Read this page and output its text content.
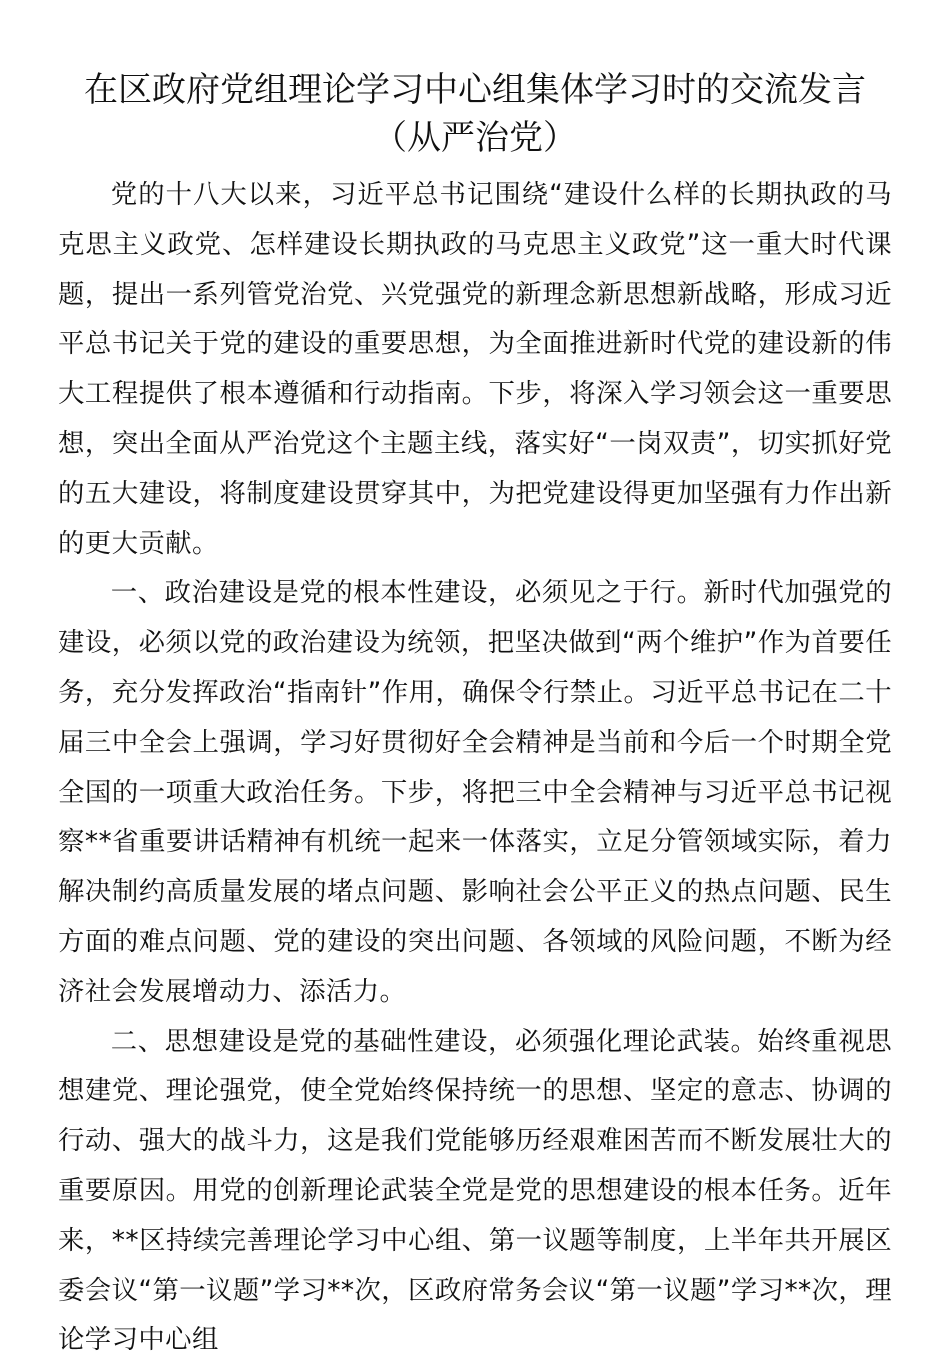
在区政府党组理论学习中心组集体学习时的交流发言
（从严治党）

党的十八大以来，习近平总书记围绕“建设什么样的长期执政的马克思主义政党、怎样建设长期执政的马克思主义政党”这一重大时代课题，提出一系列管党治党、兴党强党的新理念新思想新战略，形成习近平总书记关于党的建设的重要思想，为全面推进新时代党的建设新的伟大工程提供了根本遵循和行动指南。下步，将深入学习领会这一重要思想，突出全面从严治党这个主题主线，落实好“一岗双责”，切实抓好党的五大建设，将制度建设贯穿其中，为把党建设得更加坚强有力作出新的更大贡献。

一、政治建设是党的根本性建设，必须见之于行。新时代加强党的建设，必须以党的政治建设为统领，把坚决做到“两个维护”作为首要任务，充分发挥政治“指南针”作用，确保令行禁止。习近平总书记在二十届三中全会上强调，学习好贯彻好全会精神是当前和今后一个时期全党全国的一项重大政治任务。下步，将把三中全会精神与习近平总书记视察**省重要讲话精神有机统一起来一体落实，立足分管领域实际，着力解决制约高质量发展的堵点问题、影响社会公平正义的热点问题、民生方面的难点问题、党的建设的突出问题、各领域的风险问题，不断为经济社会发展增动力、添活力。

二、思想建设是党的基础性建设，必须强化理论武装。始终重视思想建党、理论强党，使全党始终保持统一的思想、坚定的意志、协调的行动、强大的战斗力，这是我们党能够历经艰难困苦而不断发展壮大的重要原因。用党的创新理论武装全党是党的思想建设的根本任务。近年来，**区持续完善理论学习中心组、第一议题等制度，上半年共开展区委会议“第一议题”学习**次，区政府常务会议“第一议题”学习**次，理论学习中心组
